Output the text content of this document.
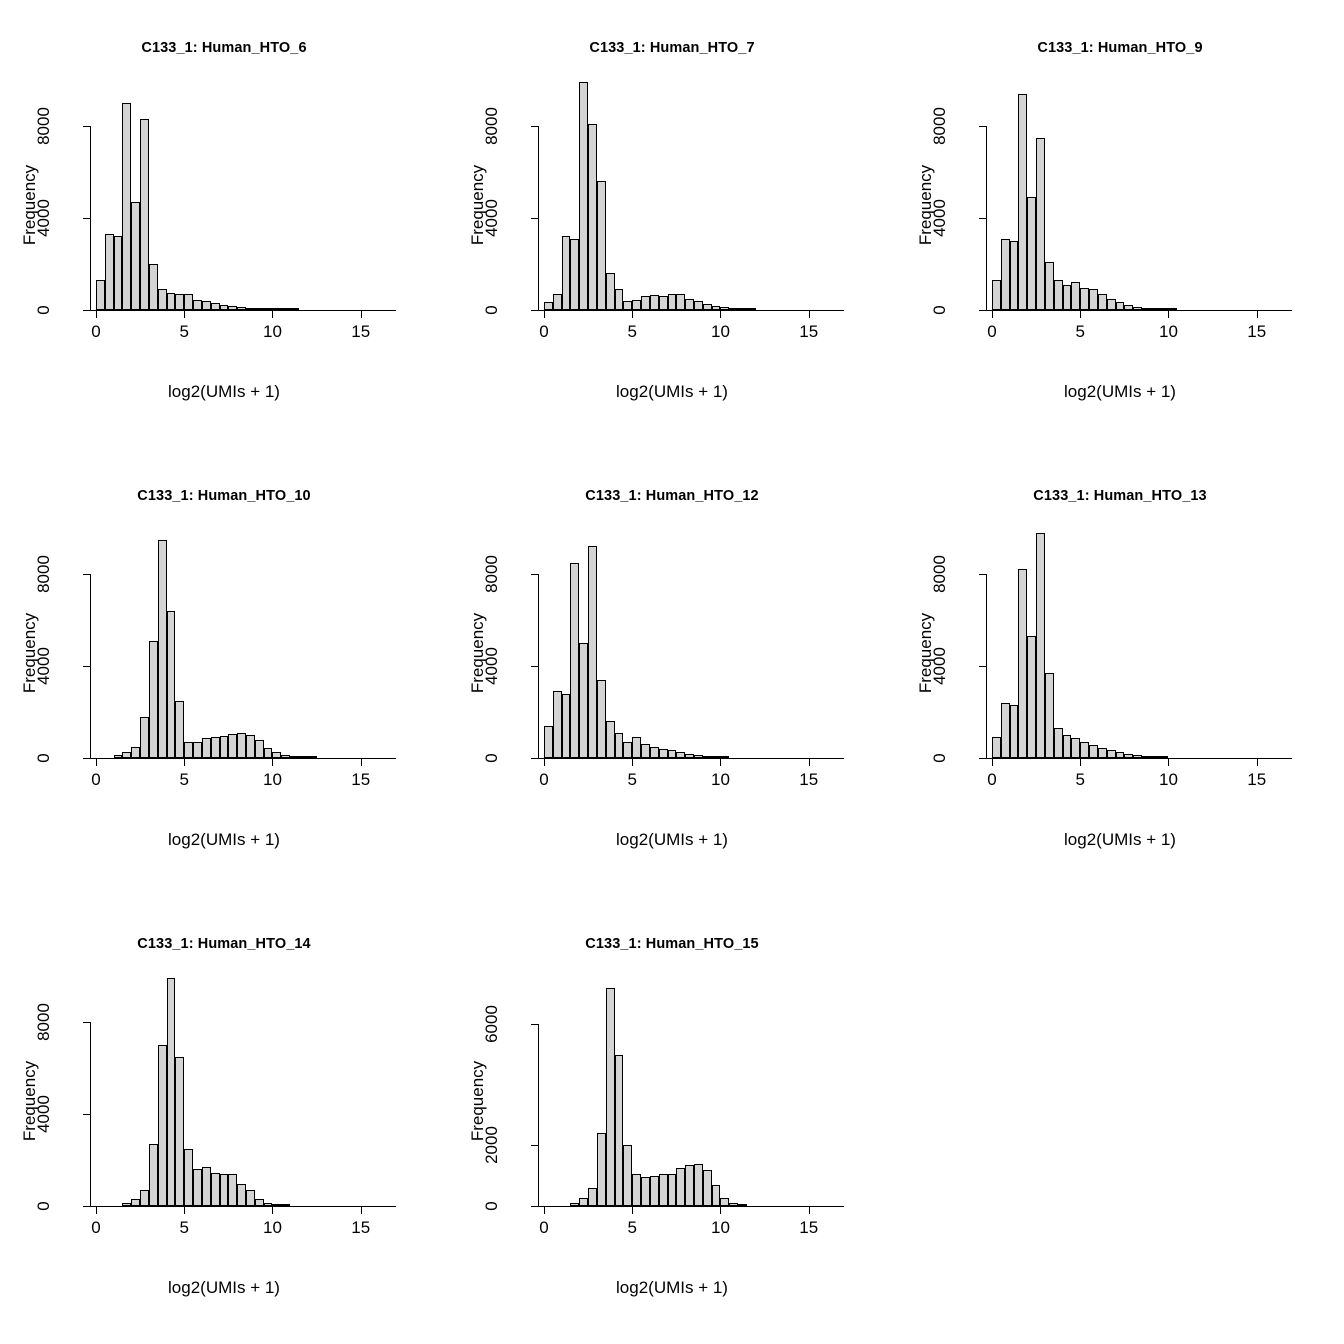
C133_1: Human_HTO_6
0
4000
8000
0	5	10	15
Frequency
log2(UMIs + 1)
C133_1: Human_HTO_7
0
4000
8000
0	5	10	15
Frequency
log2(UMIs + 1)
C133_1: Human_HTO_9
0
4000
8000
0	5	10	15
Frequency
log2(UMIs + 1)
C133_1: Human_HTO_10
0
4000
8000
0	5	10	15
Frequency
log2(UMIs + 1)
C133_1: Human_HTO_12
0
4000
8000
0	5	10	15
Frequency
log2(UMIs + 1)
C133_1: Human_HTO_13
0
4000
8000
0	5	10	15
Frequency
log2(UMIs + 1)
C133_1: Human_HTO_14
0
4000
8000
0	5	10	15
Frequency
log2(UMIs + 1)
C133_1: Human_HTO_15
0
2000
6000
0	5	10	15
Frequency
log2(UMIs + 1)
